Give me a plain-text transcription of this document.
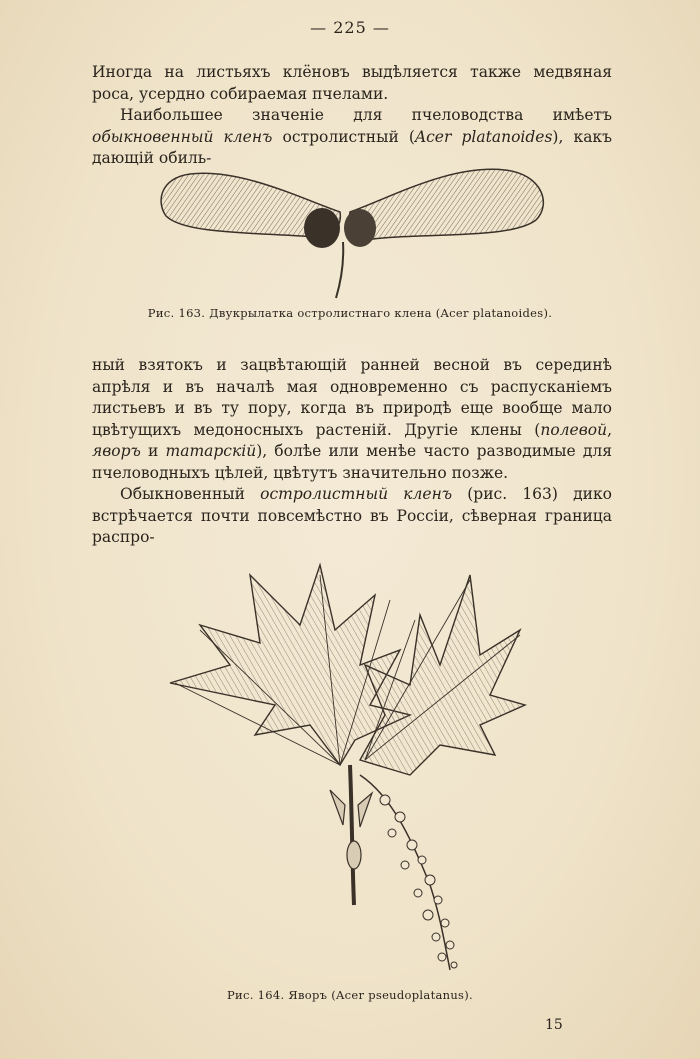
— 225 —

Иногда на листьяхъ клёновъ выдѣляется также медвяная роса, усердно собираемая пчелами.

Наибольшее значеніе для пчеловодства имѣетъ обыкновенный кленъ остролистный (Acer platanoides), какъ дающій обиль-

Рис. 163. Двукрылатка остролистнаго клена (Acer platanoides).

ный взятокъ и зацвѣтающій ранней весной въ серединѣ апрѣля и въ началѣ мая одновременно съ распусканіемъ листьевъ и въ ту пору, когда въ природѣ еще вообще мало цвѣтущихъ медоносныхъ растеній. Другіе клены (полевой, яворъ и татарскій), болѣе или менѣе часто разводимые для пчеловодныхъ цѣлей, цвѣтутъ значительно позже.

Обыкновенный остролистный кленъ (рис. 163) дико встрѣчается почти повсемѣстно въ Россіи, сѣверная граница распро-

Рис. 164. Яворъ (Acer pseudoplatanus).
15
